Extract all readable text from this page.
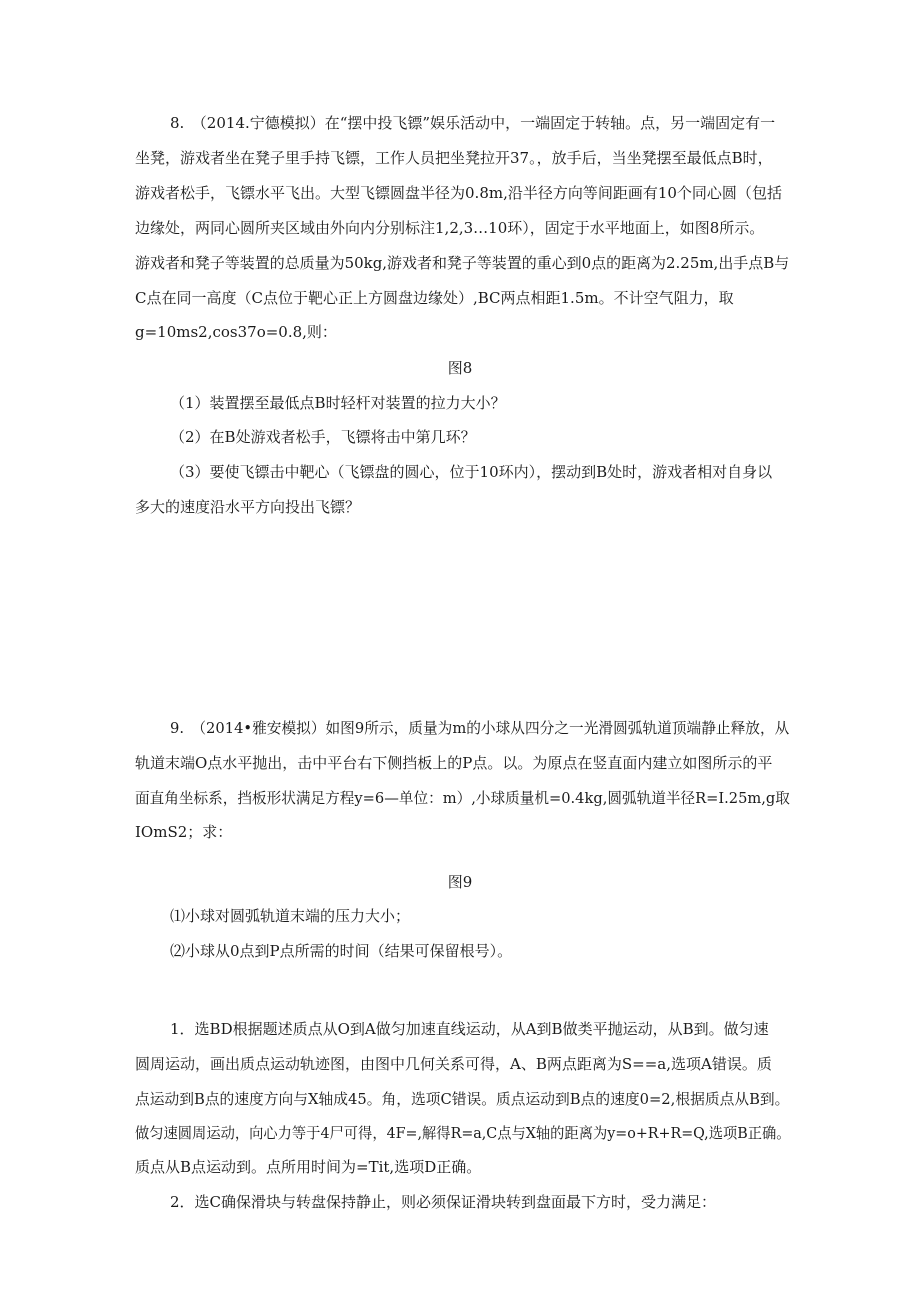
8.　（2014.宁德模拟）在“摆中投飞镖”娱乐活动中，一端固定于转轴。点，另一端固定有一
坐凳，游戏者坐在凳子里手持飞镖，工作人员把坐凳拉开37。，放手后，当坐凳摆至最低点B时，
游戏者松手，飞镖水平飞出。大型飞镖圆盘半径为0.8m,沿半径方向等间距画有10个同心圆（包括
边缘处，两同心圆所夹区域由外向内分别标注1,2,3…10环），固定于水平地面上，如图8所示。
游戏者和凳子等装置的总质量为50kg,游戏者和凳子等装置的重心到0点的距离为2.25m,出手点B与
C点在同一高度（C点位于靶心正上方圆盘边缘处）,BC两点相距1.5m。不计空气阻力，取
g=10ms2,cos37o=0.8,则：
图8
（1）装置摆至最低点B时轻杆对装置的拉力大小？
（2）在B处游戏者松手，飞镖将击中第几环？
（3）要使飞镖击中靶心（飞镖盘的圆心，位于10环内），摆动到B处时，游戏者相对自身以
多大的速度沿水平方向投出飞镖？
9.　（2014•雅安模拟）如图9所示，质量为m的小球从四分之一光滑圆弧轨道顶端静止释放，从
轨道末端O点水平抛出，击中平台右下侧挡板上的P点。以。为原点在竖直面内建立如图所示的平
面直角坐标系，挡板形状满足方程y=6—单位：m）,小球质量机=0.4kg,圆弧轨道半径R=I.25m,g取
IOmS2；求：
图9
⑴小球对圆弧轨道末端的压力大小；
⑵小球从0点到P点所需的时间（结果可保留根号）。
1．选BD根据题述质点从O到A做匀加速直线运动，从A到B做类平抛运动，从B到。做匀速
圆周运动，画出质点运动轨迹图，由图中几何关系可得，A、B两点距离为S==a,选项A错误。质
点运动到B点的速度方向与X轴成45。角，选项C错误。质点运动到B点的速度0=2,根据质点从B到。
做匀速圆周运动，向心力等于4尸可得，4F=,解得R=a,C点与X轴的距离为y=o+R+R=Q,选项B正确。
质点从B点运动到。点所用时间为=Tit,选项D正确。
2．选C确保滑块与转盘保持静止，则必须保证滑块转到盘面最下方时，受力满足：
